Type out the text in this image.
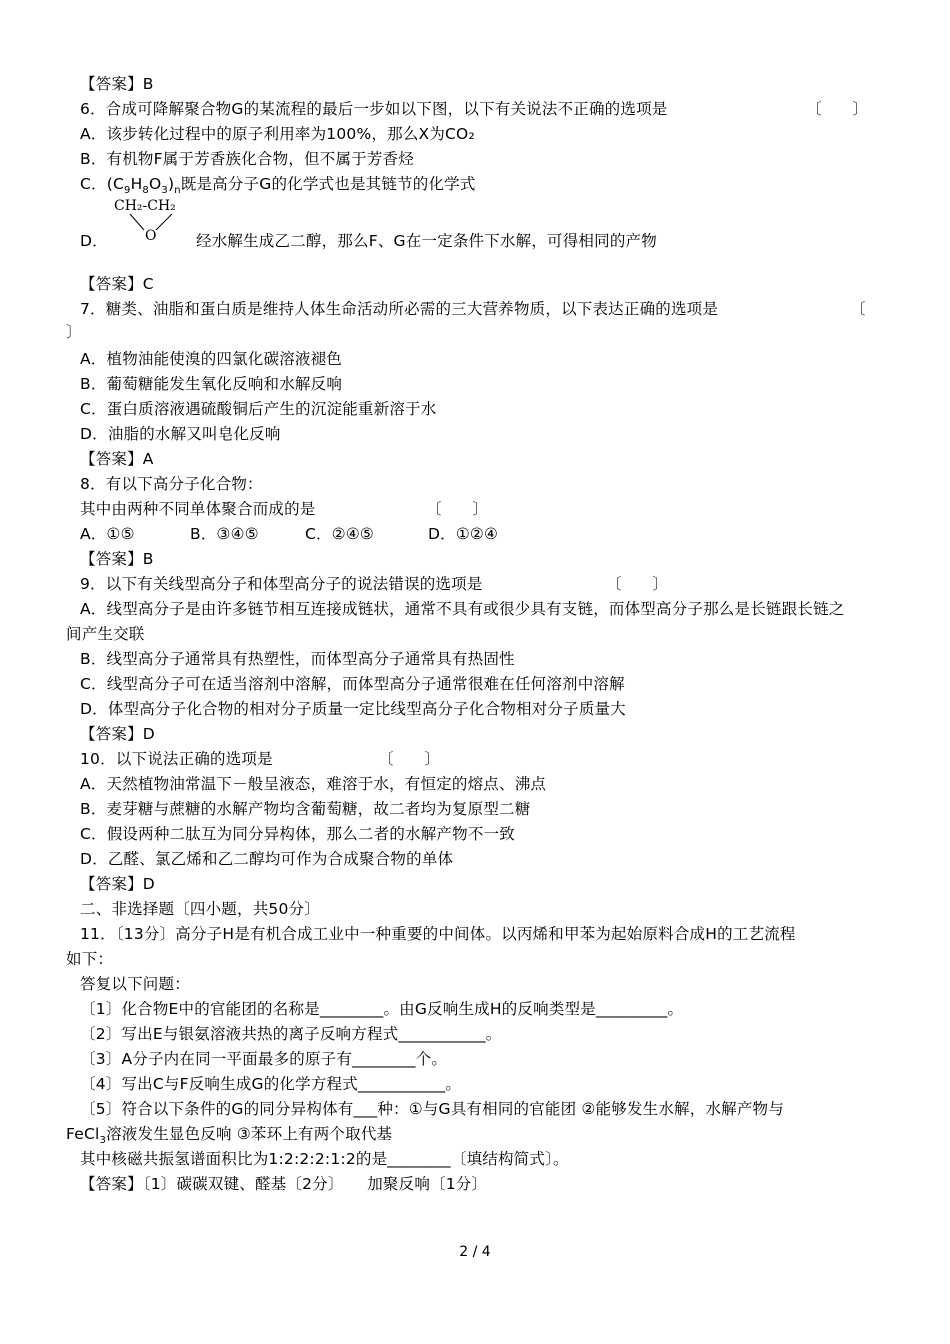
【答案】B
6．合成可降解聚合物G的某流程的最后一步如以下图，以下有关说法不正确的选项是	〔　　〕
A．该步转化过程中的原子利用率为100%，那么X为CO₂
B．有机物F属于芳香族化合物，但不属于芳香烃
C．$(C_9H_8O_3)_n$既是高分子G的化学式也是其链节的化学式
D．
CH₂-CH₂
O	经水解生成乙二醇，那么F、G在一定条件下水解，可得相同的产物
【答案】C
7．糖类、油脂和蛋白质是维持人体生命活动所必需的三大营养物质，以下表达正确的选项是	〔
〕
A．植物油能使溴的四氯化碳溶液褪色
B．葡萄糖能发生氧化反响和水解反响
C．蛋白质溶液遇硫酸铜后产生的沉淀能重新溶于水
D．油脂的水解又叫皂化反响
【答案】A
8．有以下高分子化合物：
其中由两种不同单体聚合而成的是	〔　　〕
A．①⑤	B．③④⑤	C．②④⑤	D．①②④
【答案】B
9．以下有关线型高分子和体型高分子的说法错误的选项是	〔　　〕
A．线型高分子是由许多链节相互连接成链状，通常不具有或很少具有支链，而体型高分子那么是长链跟长链之
间产生交联
B．线型高分子通常具有热塑性，而体型高分子通常具有热固性
C．线型高分子可在适当溶剂中溶解，而体型高分子通常很难在任何溶剂中溶解
D．体型高分子化合物的相对分子质量一定比线型高分子化合物相对分子质量大
【答案】D
10．以下说法正确的选项是	〔　　〕
A．天然植物油常温下－般呈液态，难溶于水，有恒定的熔点、沸点
B．麦芽糖与蔗糖的水解产物均含葡萄糖，故二者均为复原型二糖
C．假设两种二肽互为同分异构体，那么二者的水解产物不一致
D．乙醛、氯乙烯和乙二醇均可作为合成聚合物的单体
【答案】D
二、非选择题〔四小题，共50分〕
11．〔13分〕高分子H是有机合成工业中一种重要的中间体。以丙烯和甲苯为起始原料合成H的工艺流程
如下：
答复以下问题：
〔1〕化合物E中的官能团的名称是________。由G反响生成H的反响类型是_________。
〔2〕写出E与银氨溶液共热的离子反响方程式___________。
〔3〕A分子内在同一平面最多的原子有________个。
〔4〕写出C与F反响生成G的化学方程式___________。
〔5〕符合以下条件的G的同分异构体有___种：①与G具有相同的官能团 ②能够发生水解，水解产物与
FeCl$_3$溶液发生显色反响 ③苯环上有两个取代基
其中核磁共振氢谱面积比为1:2:2:2:1:2的是________〔填结构简式〕。
【答案】〔1〕碳碳双键、醛基〔2分〕　　加聚反响〔1分〕
2 / 4
